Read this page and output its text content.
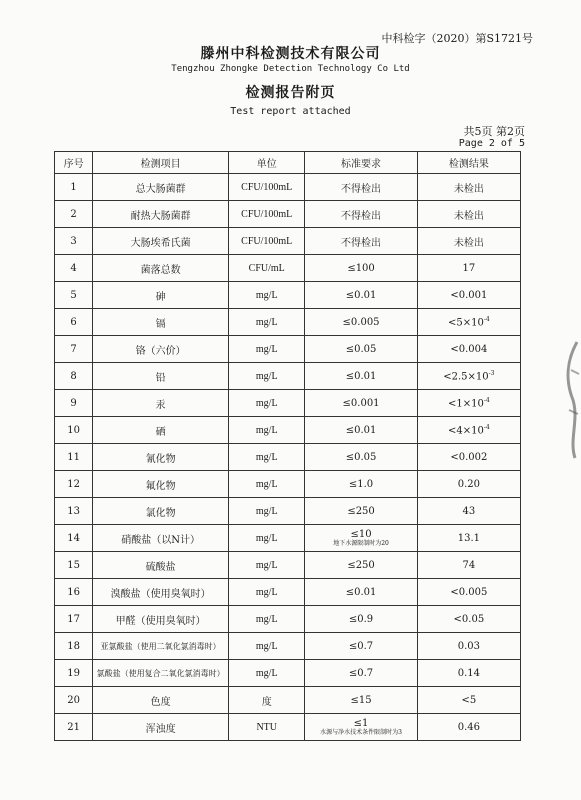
中科检字（2020）第S1721号
滕州中科检测技术有限公司
Tengzhou Zhongke Detection Technology Co Ltd
检测报告附页
Test report attached
共5页 第2页
Page 2 of 5
序号	检测项目	单位	标准要求	检测结果
1	总大肠菌群	CFU/100mL	不得检出	未检出
2	耐热大肠菌群	CFU/100mL	不得检出	未检出
3	大肠埃希氏菌	CFU/100mL	不得检出	未检出
4	菌落总数	CFU/mL	≤100	17
5	砷	mg/L	≤0.01	<0.001
6	镉	mg/L	≤0.005	$<5\times 10^{-4}$
7	铬（六价）	mg/L	≤0.05	<0.004
8	铅	mg/L	≤0.01	$<2.5\times 10^{-3}$
9	汞	mg/L	≤0.001	$<1\times 10^{-4}$
10	硒	mg/L	≤0.01	$<4\times 10^{-4}$
11	氰化物	mg/L	≤0.05	<0.002
12	氟化物	mg/L	≤1.0	0.20
13	氯化物	mg/L	≤250	43
14	硝酸盐（以N计）	mg/L	≤10
地下水源限制时为20	13.1
15	硫酸盐	mg/L	≤250	74
16	溴酸盐（使用臭氧时）	mg/L	≤0.01	<0.005
17	甲醛（使用臭氧时）	mg/L	≤0.9	<0.05
18	亚氯酸盐（使用二氧化氯消毒时）	mg/L	≤0.7	0.03
19	氯酸盐（使用复合二氧化氯消毒时）	mg/L	≤0.7	0.14
20	色度	度	≤15	<5
21	浑浊度	NTU	≤1
水源与净水技术条件限制时为3	0.46
